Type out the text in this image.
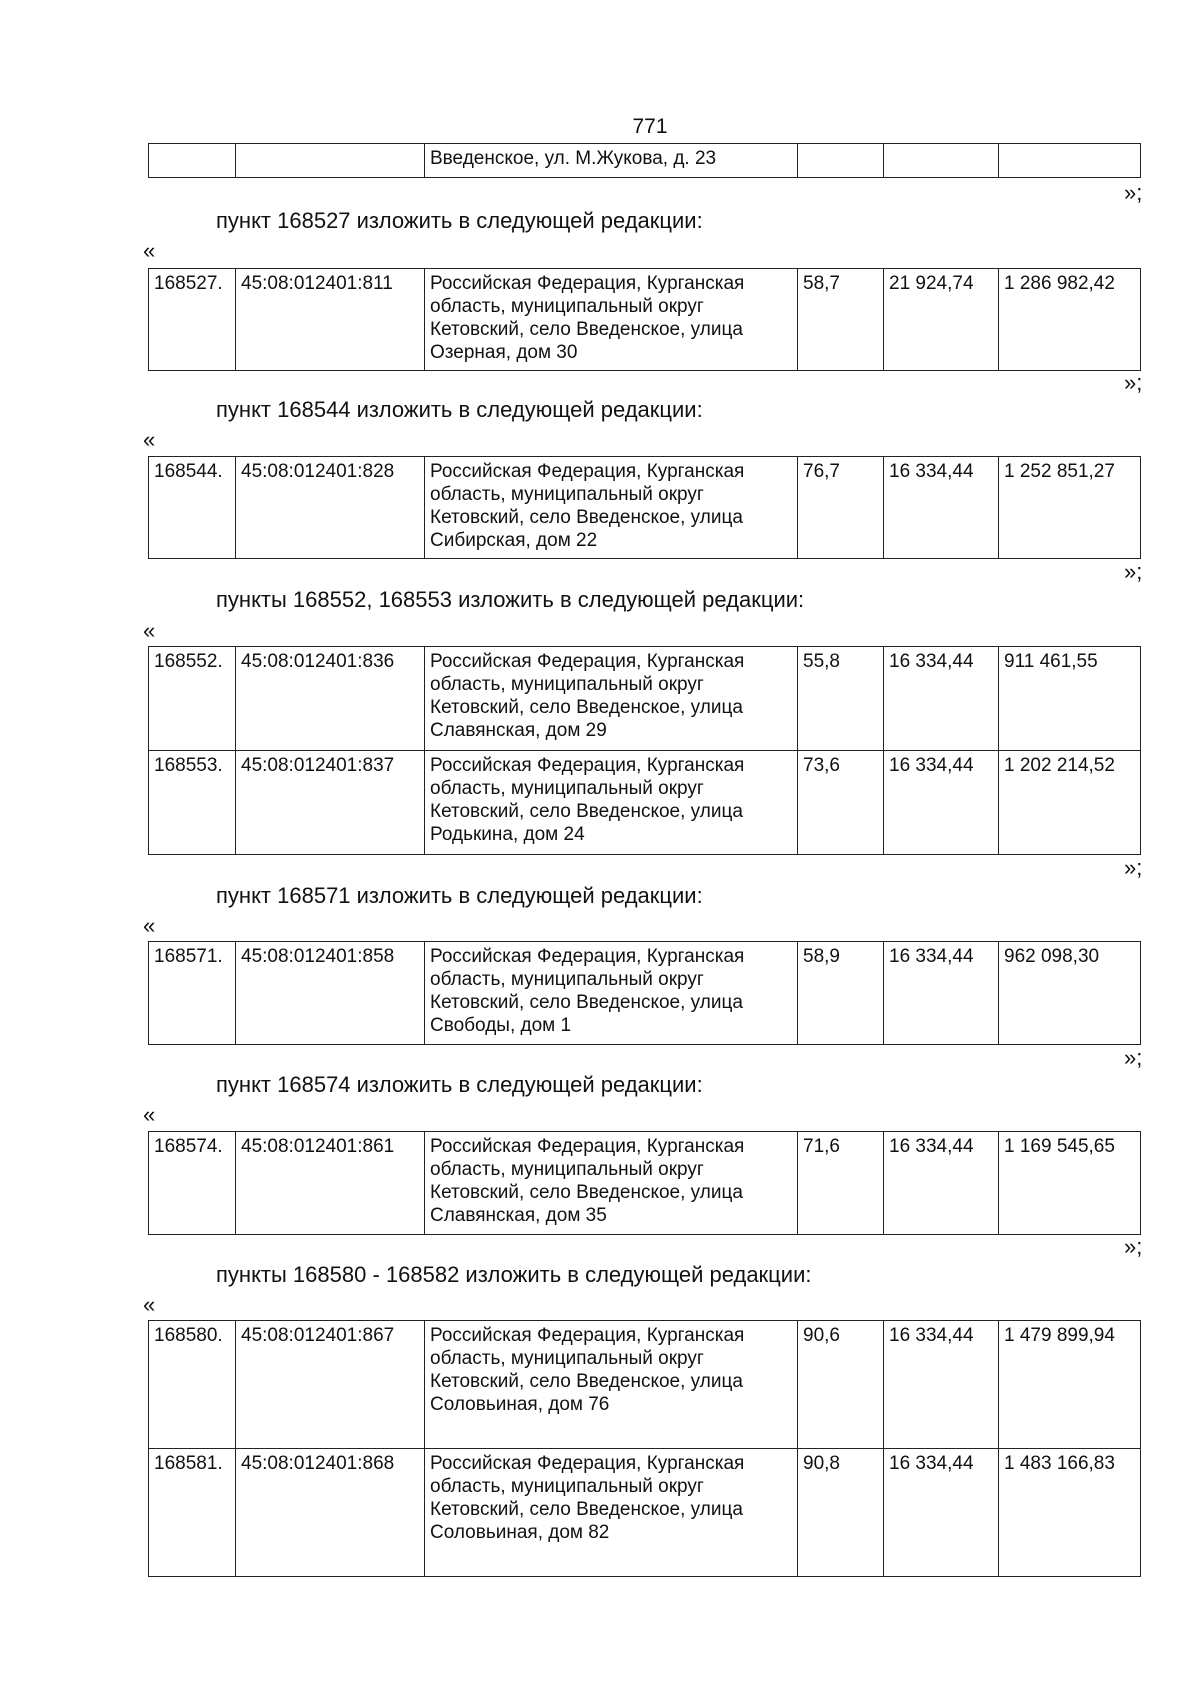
771
		Введенское, ул. М.Жукова, д. 23			
»;
пункт 168527 изложить в следующей редакции:
«
168527.	45:08:012401:811	Российская Федерация, Курганская область, муниципальный округ Кетовский, село Введенское, улица Озерная, дом 30	58,7	21 924,74	1 286 982,42
»;
пункт 168544 изложить в следующей редакции:
«
168544.	45:08:012401:828	Российская Федерация, Курганская область, муниципальный округ Кетовский, село Введенское, улица Сибирская, дом 22	76,7	16 334,44	1 252 851,27
»;
пункты 168552, 168553 изложить в следующей редакции:
«
168552.	45:08:012401:836	Российская Федерация, Курганская область, муниципальный округ Кетовский, село Введенское, улица Славянская, дом 29	55,8	16 334,44	911 461,55
168553.	45:08:012401:837	Российская Федерация, Курганская область, муниципальный округ Кетовский, село Введенское, улица Родькина, дом 24	73,6	16 334,44	1 202 214,52
»;
пункт 168571 изложить в следующей редакции:
«
168571.	45:08:012401:858	Российская Федерация, Курганская область, муниципальный округ Кетовский, село Введенское, улица Свободы, дом 1	58,9	16 334,44	962 098,30
»;
пункт 168574 изложить в следующей редакции:
«
168574.	45:08:012401:861	Российская Федерация, Курганская область, муниципальный округ Кетовский, село Введенское, улица Славянская, дом 35	71,6	16 334,44	1 169 545,65
»;
пункты 168580 - 168582 изложить в следующей редакции:
«
168580.	45:08:012401:867	Российская Федерация, Курганская область, муниципальный округ Кетовский, село Введенское, улица Соловьиная, дом 76	90,6	16 334,44	1 479 899,94
168581.	45:08:012401:868	Российская Федерация, Курганская область, муниципальный округ Кетовский, село Введенское, улица Соловьиная, дом 82	90,8	16 334,44	1 483 166,83
